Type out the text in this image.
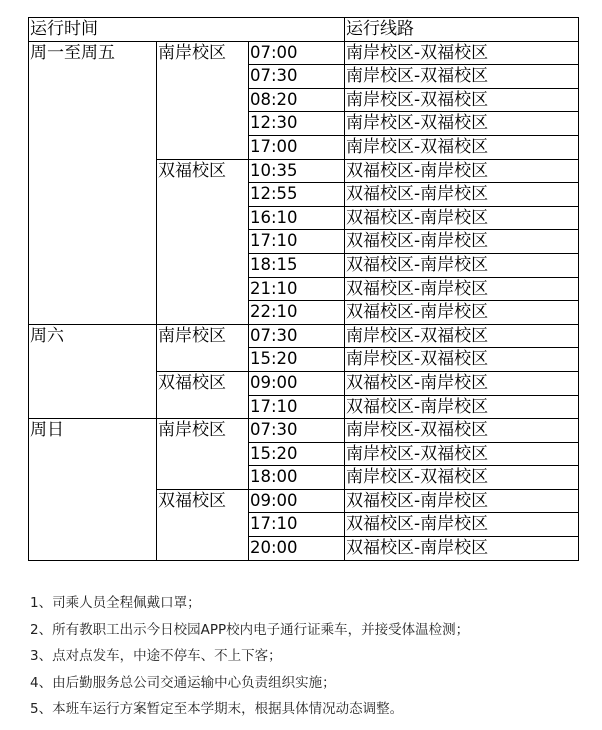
运行时间			运行线路
周一至周五	南岸校区	07:00	南岸校区-双福校区
		07:30	南岸校区-双福校区
		08:20	南岸校区-双福校区
		12:30	南岸校区-双福校区
		17:00	南岸校区-双福校区
	双福校区	10:35	双福校区-南岸校区
		12:55	双福校区-南岸校区
		16:10	双福校区-南岸校区
		17:10	双福校区-南岸校区
		18:15	双福校区-南岸校区
		21:10	双福校区-南岸校区
		22:10	双福校区-南岸校区
周六	南岸校区	07:30	南岸校区-双福校区
		15:20	南岸校区-双福校区
	双福校区	09:00	双福校区-南岸校区
		17:10	双福校区-南岸校区
周日	南岸校区	07:30	南岸校区-双福校区
		15:20	南岸校区-双福校区
		18:00	南岸校区-双福校区
	双福校区	09:00	双福校区-南岸校区
		17:10	双福校区-南岸校区
		20:00	双福校区-南岸校区
1、司乘人员全程佩戴口罩；
2、所有教职工出示今日校园APP校内电子通行证乘车，并接受体温检测；
3、点对点发车，中途不停车、不上下客；
4、由后勤服务总公司交通运输中心负责组织实施；
5、本班车运行方案暂定至本学期末，根据具体情况动态调整。
